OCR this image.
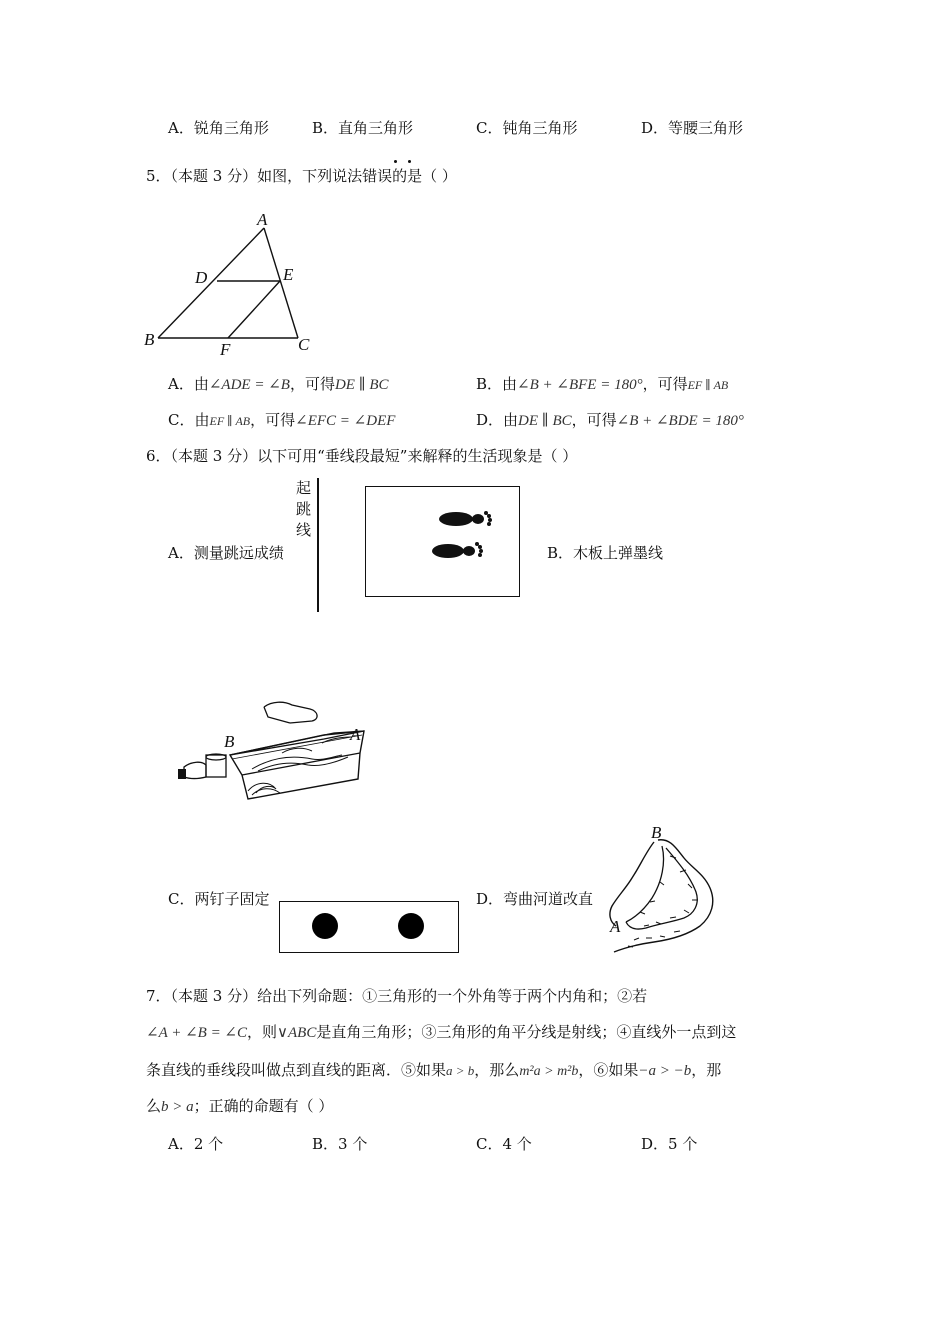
A．锐角三角形	B．直角三角形	C．钝角三角形	D．等腰三角形
5．（本题 3 分）如图，下列说法错误的是（ ）
A
D	E
B
F	C
A．由∠ADE = ∠B，可得DE ∥ BC	B．由∠B + ∠BFE = 180°，可得EF ∥ AB
C．由EF ∥ AB，可得∠EFC = ∠DEF	D．由DE ∥ BC，可得∠B + ∠BDE = 180°
6．（本题 3 分）以下可用“垂线段最短”来解释的生活现象是（ ）
起
跳
线
A．测量跳远成绩	B．木板上弹墨线
B	A
C．两钉子固定	D．弯曲河道改直
B
A
7．（本题 3 分）给出下列命题：①三角形的一个外角等于两个内角和；②若
∠A + ∠B = ∠C，则∨ABC是直角三角形；③三角形的角平分线是射线；④直线外一点到这
条直线的垂线段叫做点到直线的距离．⑤如果a > b，那么m²a > m²b，⑥如果−a > −b，那
么b > a；正确的命题有（ ）
A．2 个	B．3 个	C．4 个	D．5 个
